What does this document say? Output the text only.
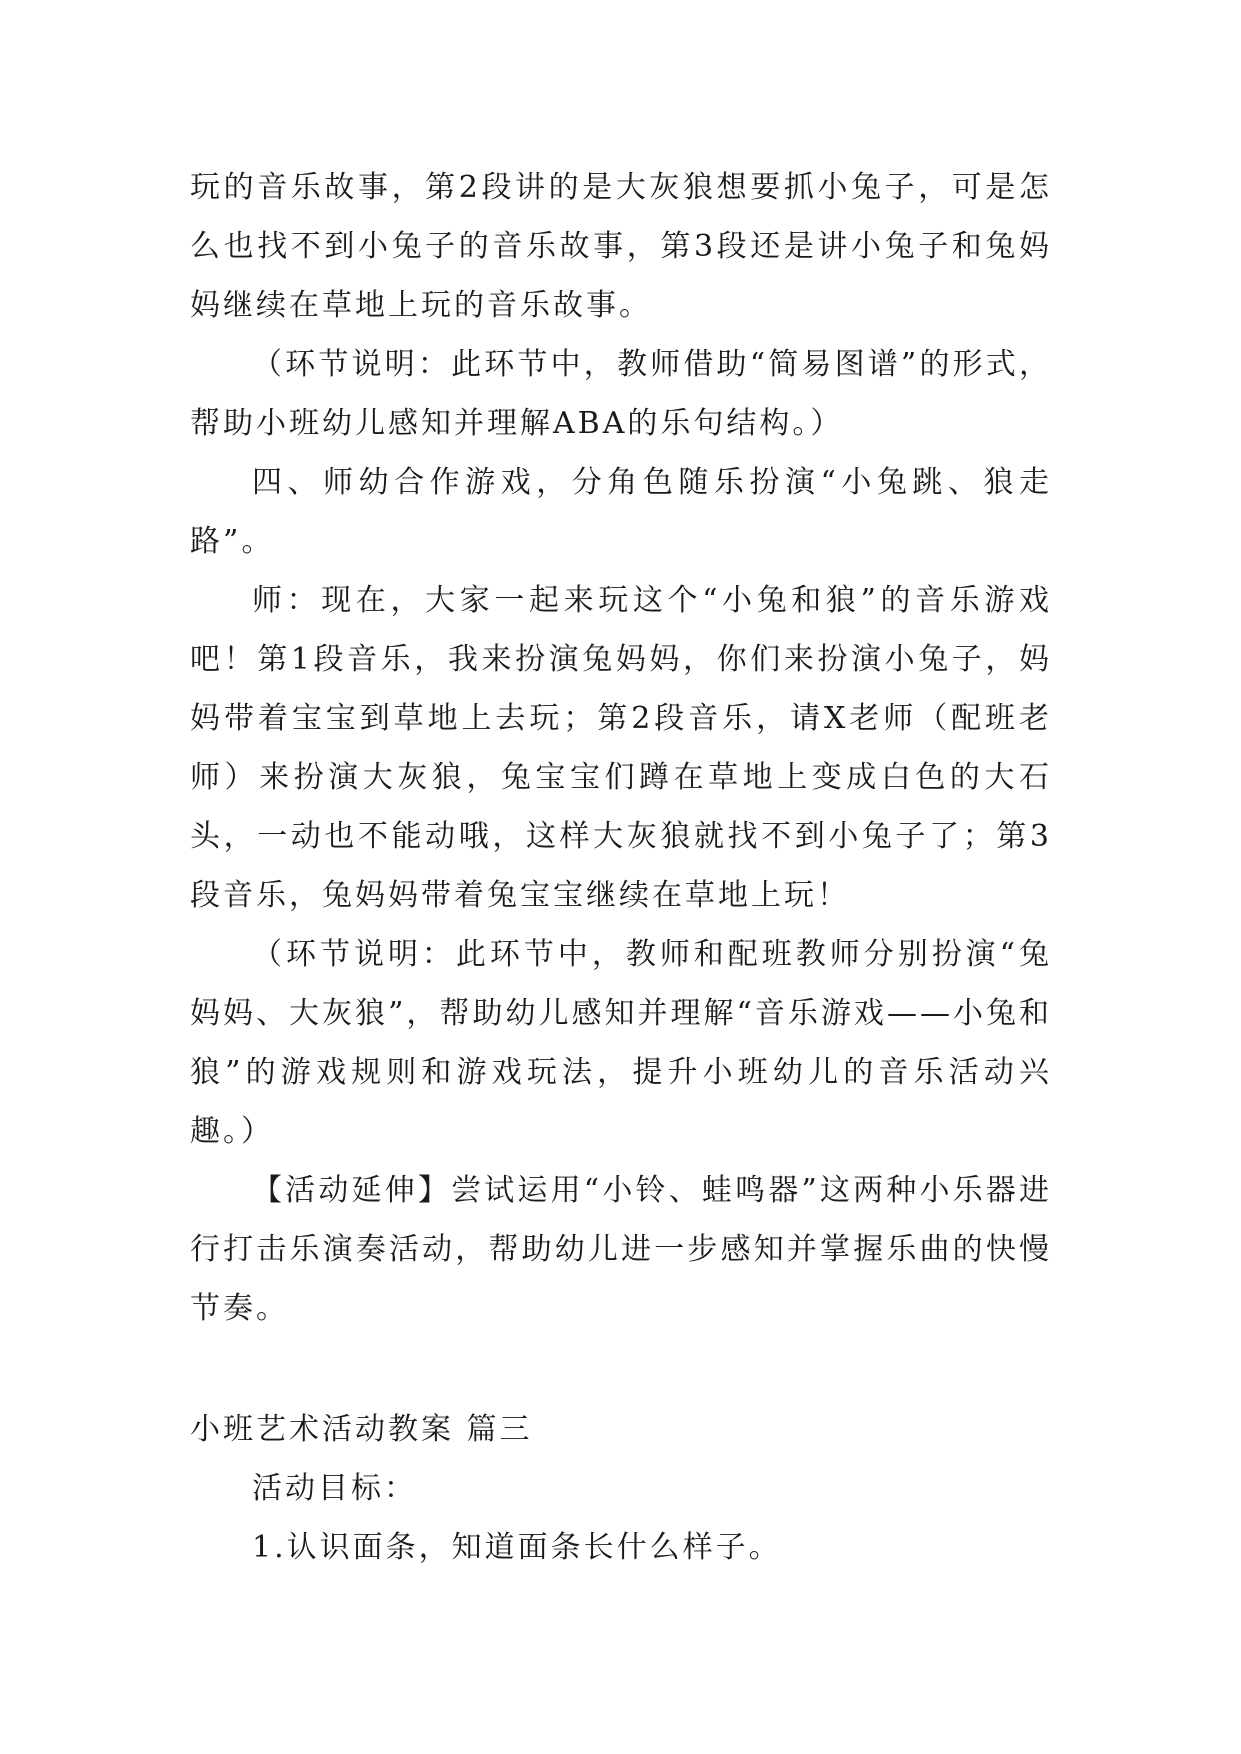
玩的音乐故事，第2段讲的是大灰狼想要抓小兔子，可是怎么也找不到小兔子的音乐故事，第3段还是讲小兔子和兔妈妈继续在草地上玩的音乐故事。

（环节说明：此环节中，教师借助“简易图谱”的形式，帮助小班幼儿感知并理解ABA的乐句结构。）

四、师幼合作游戏，分角色随乐扮演“小兔跳、狼走路”。

师：现在，大家一起来玩这个“小兔和狼”的音乐游戏吧！第1段音乐，我来扮演兔妈妈，你们来扮演小兔子，妈妈带着宝宝到草地上去玩；第2段音乐，请X老师（配班老师）来扮演大灰狼，兔宝宝们蹲在草地上变成白色的大石头，一动也不能动哦，这样大灰狼就找不到小兔子了；第3段音乐，兔妈妈带着兔宝宝继续在草地上玩！

（环节说明：此环节中，教师和配班教师分别扮演“兔妈妈、大灰狼”，帮助幼儿感知并理解“音乐游戏——小兔和狼”的游戏规则和游戏玩法，提升小班幼儿的音乐活动兴趣。）

【活动延伸】尝试运用“小铃、蛙鸣器”这两种小乐器进行打击乐演奏活动，帮助幼儿进一步感知并掌握乐曲的快慢节奏。

小班艺术活动教案 篇三

活动目标：

1.认识面条，知道面条长什么样子。
